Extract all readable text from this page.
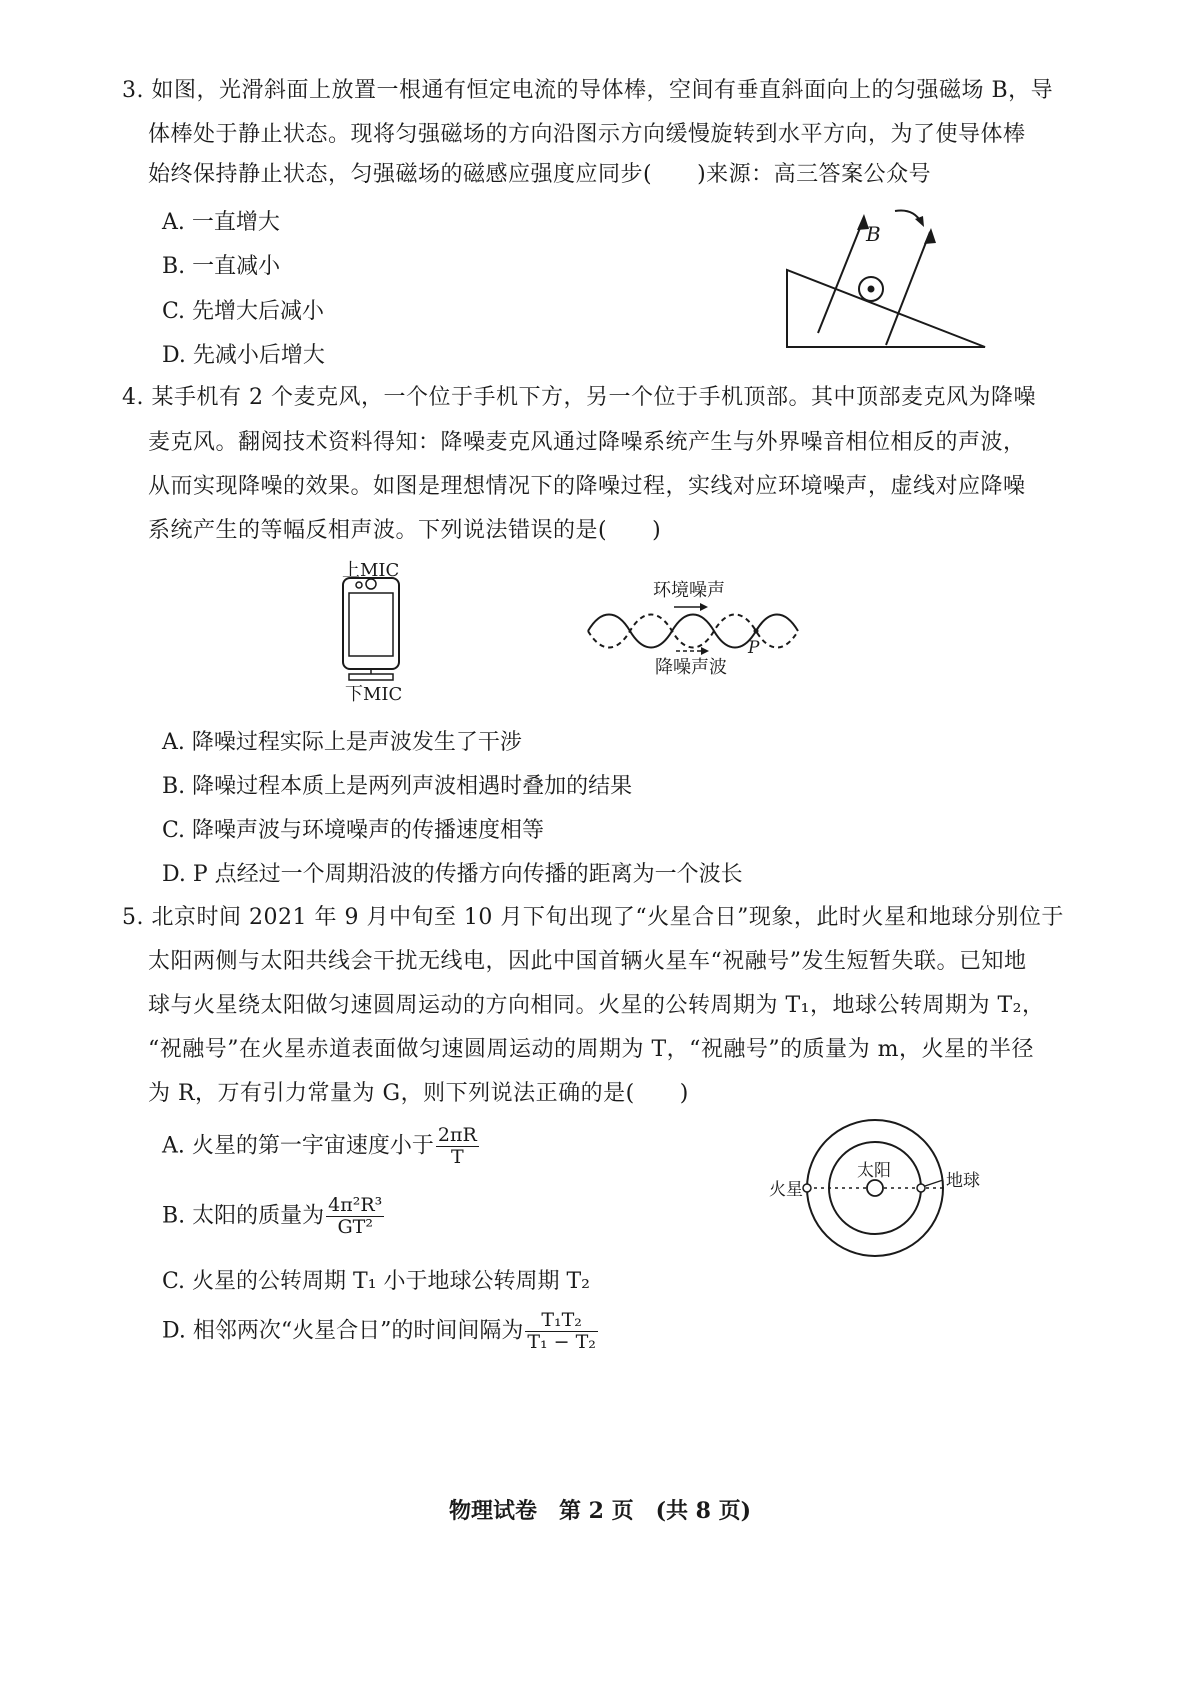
3. 如图，光滑斜面上放置一根通有恒定电流的导体棒，空间有垂直斜面向上的匀强磁场 B，导
体棒处于静止状态。现将匀强磁场的方向沿图示方向缓慢旋转到水平方向，为了使导体棒
始终保持静止状态，匀强磁场的磁感应强度应同步(　　)来源：高三答案公众号
A. 一直增大
B. 一直减小
C. 先增大后减小
D. 先减小后增大
B
4. 某手机有 2 个麦克风，一个位于手机下方，另一个位于手机顶部。其中顶部麦克风为降噪
麦克风。翻阅技术资料得知：降噪麦克风通过降噪系统产生与外界噪音相位相反的声波，
从而实现降噪的效果。如图是理想情况下的降噪过程，实线对应环境噪声，虚线对应降噪
系统产生的等幅反相声波。下列说法错误的是(　　)
上MIC
下MIC
环境噪声
P
降噪声波
A. 降噪过程实际上是声波发生了干涉
B. 降噪过程本质上是两列声波相遇时叠加的结果
C. 降噪声波与环境噪声的传播速度相等
D. P 点经过一个周期沿波的传播方向传播的距离为一个波长
5. 北京时间 2021 年 9 月中旬至 10 月下旬出现了“火星合日”现象，此时火星和地球分别位于
太阳两侧与太阳共线会干扰无线电，因此中国首辆火星车“祝融号”发生短暂失联。已知地
球与火星绕太阳做匀速圆周运动的方向相同。火星的公转周期为 T₁，地球公转周期为 T₂，
“祝融号”在火星赤道表面做匀速圆周运动的周期为 T，“祝融号”的质量为 m，火星的半径
为 R，万有引力常量为 G，则下列说法正确的是(　　)
A. 火星的第一宇宙速度小于 $\frac{2\pi R}{T}$
B. 太阳的质量为 $\frac{\text{4π²R³}}{\text{GT²}}$
C. 火星的公转周期 T₁ 小于地球公转周期 T₂
D. 相邻两次“火星合日”的时间间隔为 $\frac{\text{T₁T₂}}{\text{T₁ − T₂}}$
太阳
火星	地球
物理试卷　第 2 页　(共 8 页)
